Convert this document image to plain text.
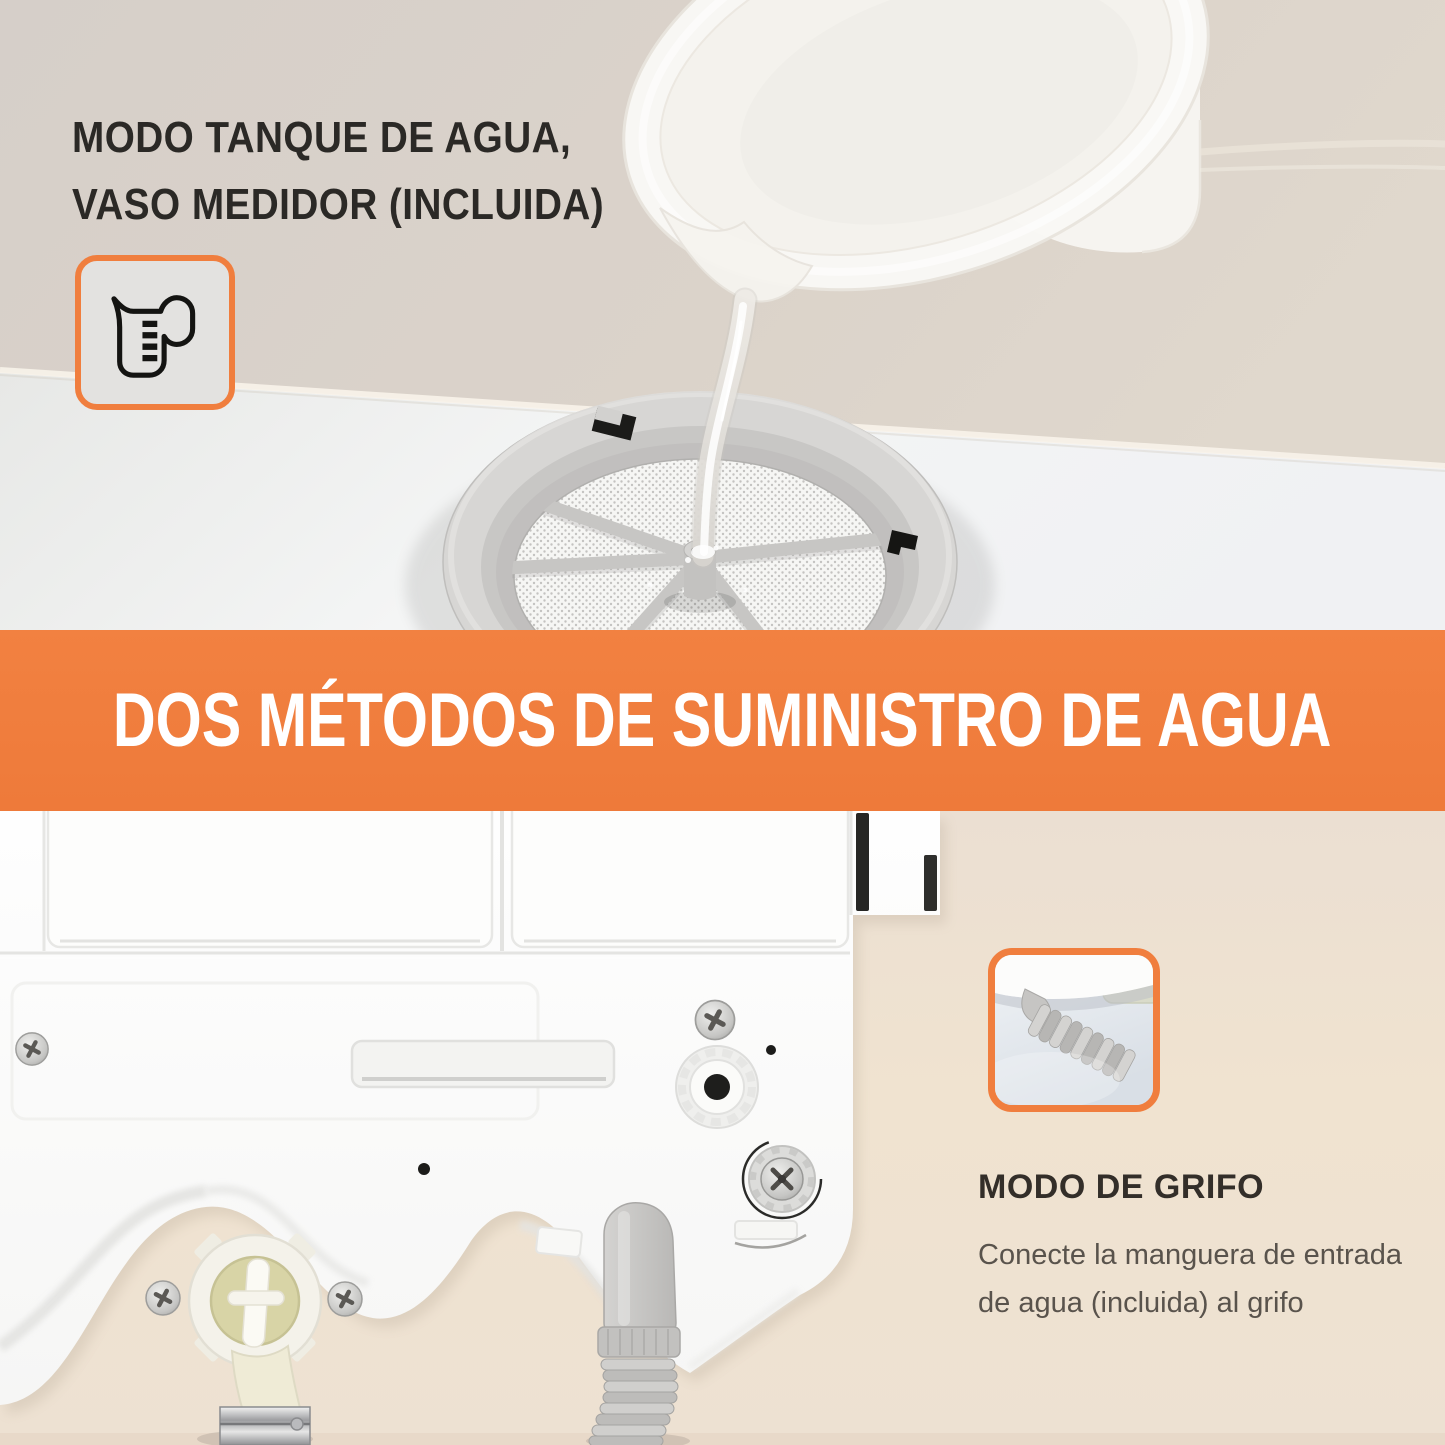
MODO TANQUE DE AGUA,
VASO MEDIDOR (INCLUIDA)
DOS MÉTODOS DE SUMINISTRO DE AGUA
MODO DE GRIFO

Conecte la manguera de entrada de agua (incluida) al grifo
